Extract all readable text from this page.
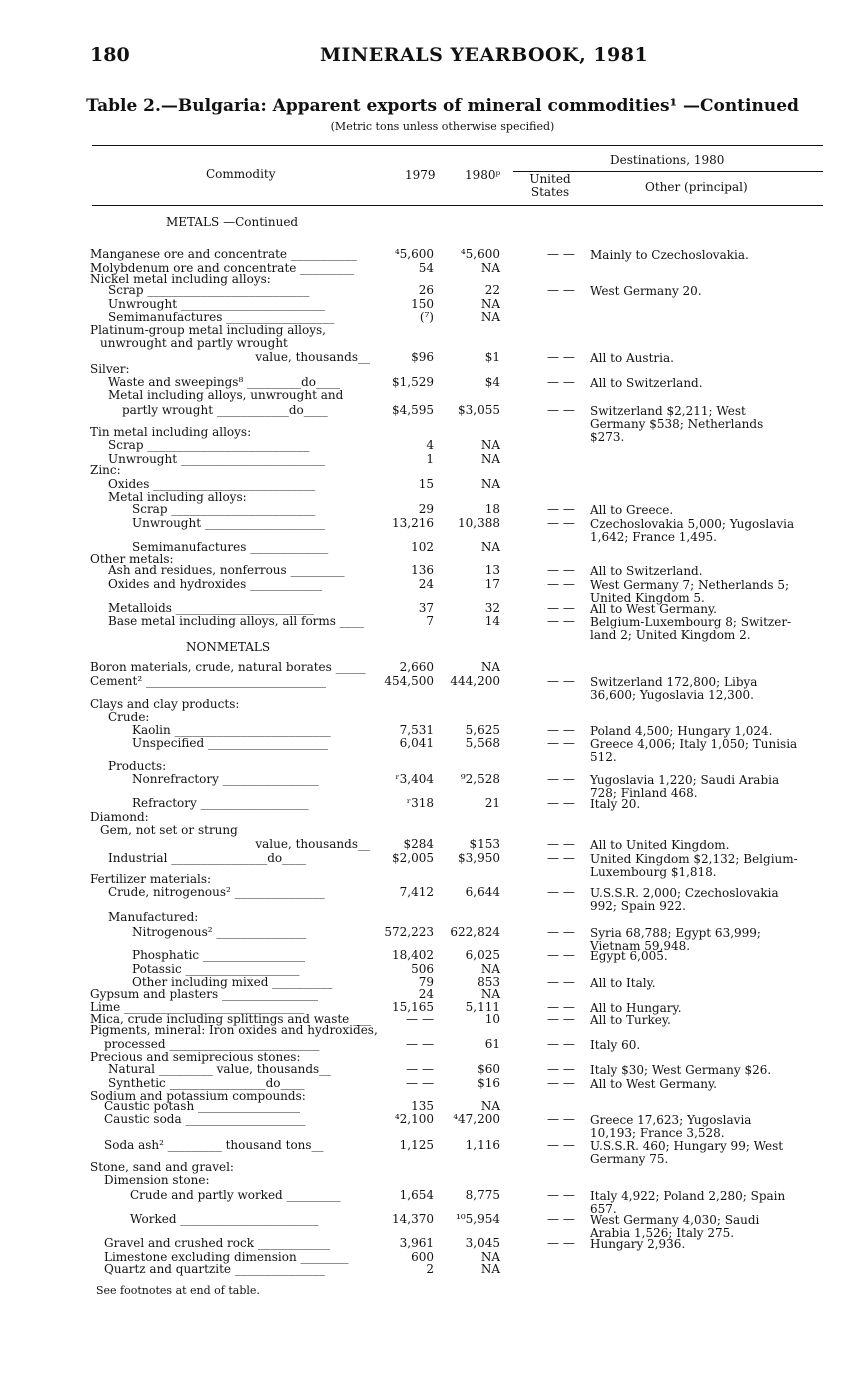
180	MINERALS YEARBOOK, 1981
Table 2.—Bulgaria: Apparent exports of mineral commodities¹ —Continued
(Metric tons unless otherwise specified)
Commodity	1979 1980ᵖ
Destinations, 1980
United States	Other (principal)
METALS —Continued
NONMETALS
Manganese ore and concentrate ___________	⁴5,600 ⁴5,600	— — Mainly to Czechoslovakia.
Molybdenum ore and concentrate _________	54	NA
Nickel metal including alloys:
Scrap ___________________________	26	22	— — West Germany 20.
Unwrought ________________________	150	NA
Semimanufactures __________________	(⁷)	NA
Platinum-group metal including alloys,
unwrought and partly wrought
value, thousands__	$96	$1	— — All to Austria.
Silver:
Waste and sweepings⁸ _________do____	$1,529	$4	— — All to Switzerland.
Metal including alloys, unwrought and
partly wrought ____________do____	$4,595 $3,055	— — Switzerland $2,211; West Germany $538; Netherlands $273.
Tin metal including alloys:
Scrap ___________________________	4	NA
Unwrought ________________________	1	NA
Zinc:
Oxides ___________________________	15	NA
Metal including alloys:
Scrap ________________________	29	18	— — All to Greece.
Unwrought ____________________	13,216 10,388	— — Czechoslovakia 5,000; Yugoslavia 1,642; France 1,495.
Semimanufactures _____________	102	NA
Other metals:
Ash and residues, nonferrous _________	136	13	— — All to Switzerland.
Oxides and hydroxides ____________	24	17	— — West Germany 7; Netherlands 5; United Kingdom 5.
Metalloids _______________________	37	32	— — All to West Germany.
Base metal including alloys, all forms ____	7	14	— — Belgium-Luxembourg 8; Switzer- land 2; United Kingdom 2.
Boron materials, crude, natural borates _____	2,660	NA
Cement² ______________________________	454,500 444,200	— — Switzerland 172,800; Libya 36,600; Yugoslavia 12,300.
Clays and clay products:
Crude:
Kaolin __________________________	7,531	5,625	— — Poland 4,500; Hungary 1,024.
Unspecified ____________________	6,041	5,568	— — Greece 4,006; Italy 1,050; Tunisia 512.
Products:
Nonrefractory ________________	ʳ3,404 ⁹2,528	— — Yugoslavia 1,220; Saudi Arabia 728; Finland 468.
Refractory __________________	ʳ318	21	— — Italy 20.
Diamond:
Gem, not set or strung
value, thousands__	$284	$153	— — All to United Kingdom.
Industrial ________________do____	$2,005 $3,950	— — United Kingdom $2,132; Belgium- Luxembourg $1,818.
Fertilizer materials:
Crude, nitrogenous² _______________	7,412	6,644	— — U.S.S.R. 2,000; Czechoslovakia 992; Spain 922.
Manufactured:
Nitrogenous² _______________	572,223 622,824	— — Syria 68,788; Egypt 63,999; Vietnam 59,948.
Phosphatic _________________	18,402	6,025	— — Egypt 6,005.
Potassic ___________________	506	NA
Other including mixed __________	79	853	— — All to Italy.
Gypsum and plasters ________________	24	NA
Lime ______________________________	15,165	5,111	— — All to Hungary.
Mica, crude including splittings and waste ___	— —	10	— — All to Turkey.
Pigments, mineral: Iron oxides and hydroxides,
processed _________________________	— —	61	— — Italy 60.
Precious and semiprecious stones:
Natural _________ value, thousands__	— —	$60	— — Italy $30; West Germany $26.
Synthetic ________________do____	— —	$16	— — All to West Germany.
Sodium and potassium compounds:
Caustic potash _________________	135	NA
Caustic soda ____________________	⁴2,100 ⁴47,200	— — Greece 17,623; Yugoslavia 10,193; France 3,528.
Soda ash² _________ thousand tons__	1,125	1,116	— — U.S.S.R. 460; Hungary 99; West Germany 75.
Stone, sand and gravel:
Dimension stone:
Crude and partly worked _________	1,654	8,775	— — Italy 4,922; Poland 2,280; Spain 657.
Worked _______________________	14,370 ¹⁰5,954	— — West Germany 4,030; Saudi Arabia 1,526; Italy 275.
Gravel and crushed rock ____________	3,961	3,045	— — Hungary 2,936.
Limestone excluding dimension ________	600	NA
Quartz and quartzite _______________	2	NA
See footnotes at end of table.
